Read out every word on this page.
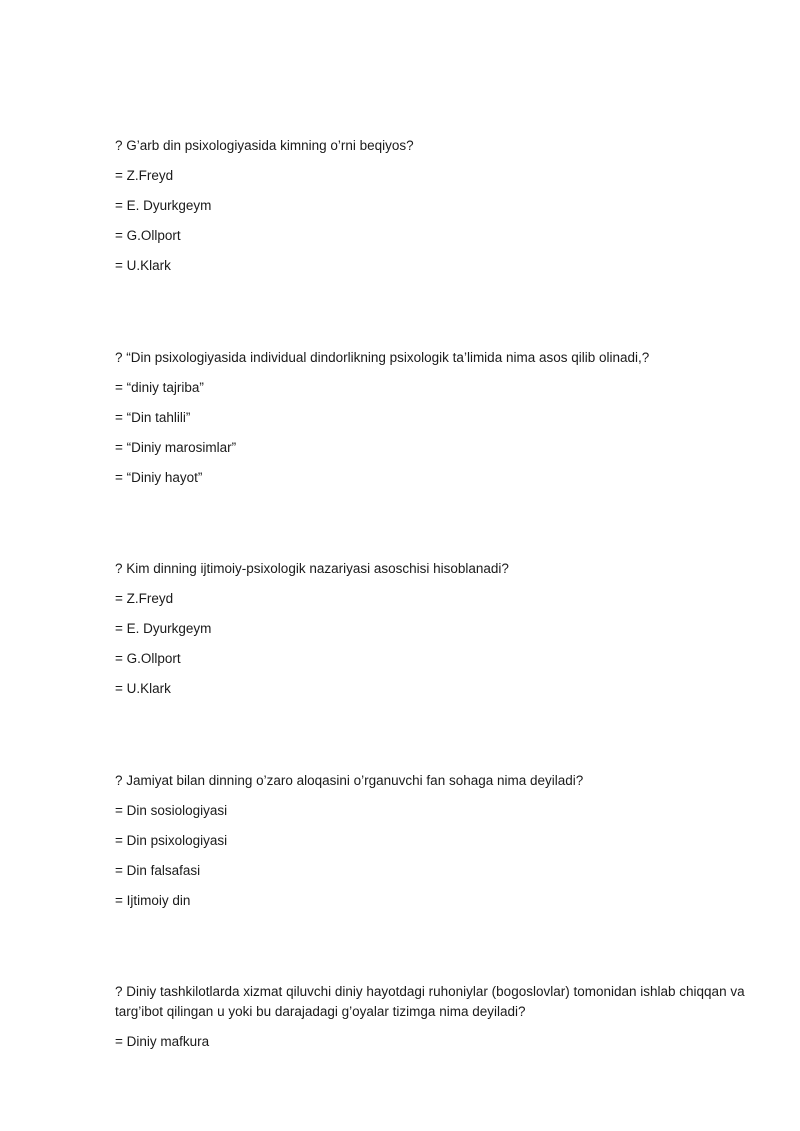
? G’arb din psixologiyasida kimning o’rni beqiyos?
= Z.Freyd
= E. Dyurkgeym
= G.Ollport
= U.Klark
? “Din psixologiyasida individual dindorlikning psixologik ta’limida nima asos qilib olinadi,?
= “diniy tajriba”
= “Din tahlili”
= “Diniy marosimlar”
= “Diniy hayot”
? Kim dinning ijtimoiy-psixologik nazariyasi asoschisi hisoblanadi?
= Z.Freyd
= E. Dyurkgeym
= G.Ollport
= U.Klark
? Jamiyat bilan dinning o’zaro aloqasini o’rganuvchi fan sohaga nima deyiladi?
= Din sosiologiyasi
= Din psixologiyasi
= Din falsafasi
= Ijtimoiy din
? Diniy tashkilotlarda xizmat qiluvchi diniy hayotdagi ruhoniylar (bogoslovlar) tomonidan ishlab chiqqan va targ’ibot qilingan u yoki bu darajadagi g’oyalar tizimga nima deyiladi?
= Diniy mafkura
